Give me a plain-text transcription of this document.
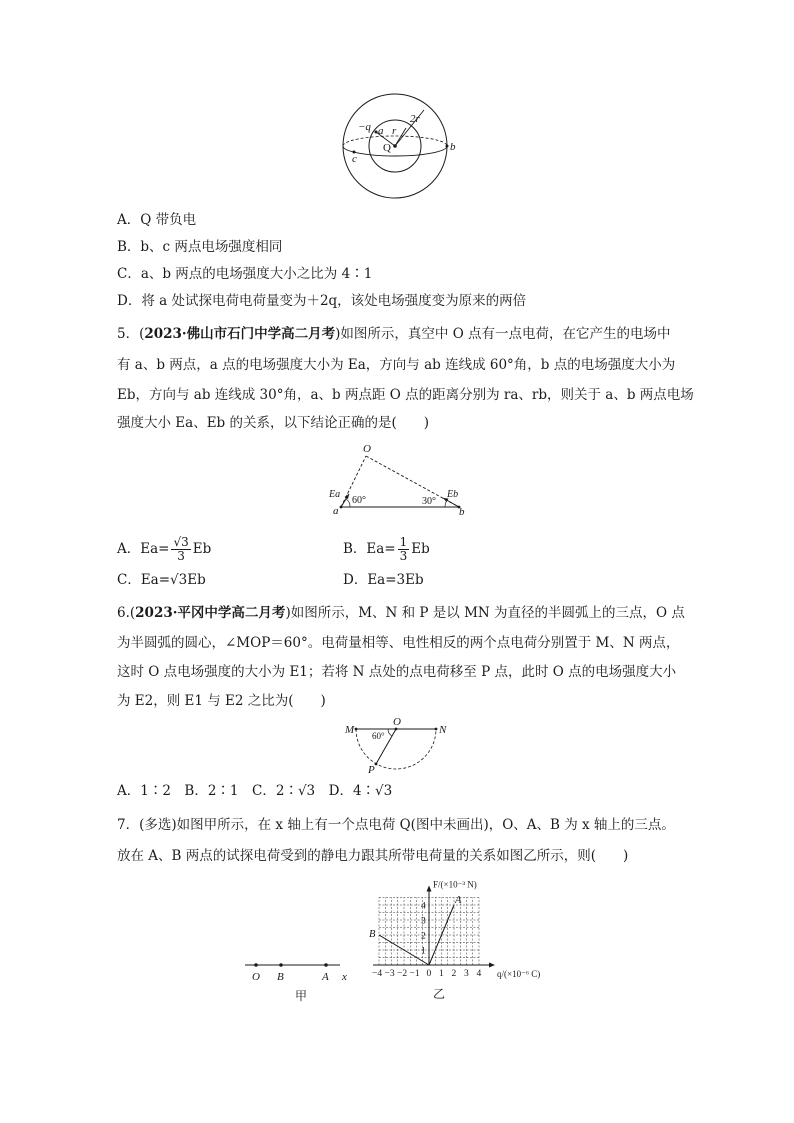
−q a r
2r
Q	b
c
A．Q 带负电
B．b、c 两点电场强度相同
C．a、b 两点的电场强度大小之比为 4∶1
D．将 a 处试探电荷电荷量变为＋2q，该处电场强度变为原来的两倍
5．(2023·佛山市石门中学高二月考)如图所示，真空中 O 点有一点电荷，在它产生的电场中
有 a、b 两点，a 点的电场强度大小为 Ea，方向与 ab 连线成 60°角，b 点的电场强度大小为
Eb，方向与 ab 连线成 30°角，a、b 两点距 O 点的距离分别为 ra、rb，则关于 a、b 两点电场
强度大小 Ea、Eb 的关系，以下结论正确的是(　　)
O
Ea	Eb
60°	30°
a	b
A．$Ea= \frac{√3}{3}$ Eb	B．$Ea= \frac{1}{3}$ Eb
C．Ea=√3Eb	D．Ea=3Eb
6.(2023·平冈中学高二月考)如图所示，M、N 和 P 是以 MN 为直径的半圆弧上的三点，O 点
为半圆弧的圆心，∠MOP＝60°。电荷量相等、电性相反的两个点电荷分别置于 M、N 两点，
这时 O 点电场强度的大小为 E1；若将 N 点处的点电荷移至 P 点，此时 O 点的电场强度大小
为 E2，则 E1 与 E2 之比为(　　)
M
O
N
P
60°
A．1∶2　B．2∶1　C．2∶√3　D．4∶√3
7．(多选)如图甲所示，在 x 轴上有一个点电荷 Q(图中未画出)，O、A、B 为 x 轴上的三点。
放在 A、B 两点的试探电荷受到的静电力跟其所带电荷量的关系如图乙所示，则(　　)
O B	A x
甲
−4 −3 −2 −1 0 1 2 3 4
1
2
3
4
q/(×10⁻⁶ C)
F/(×10⁻³ N)
A
B
乙
